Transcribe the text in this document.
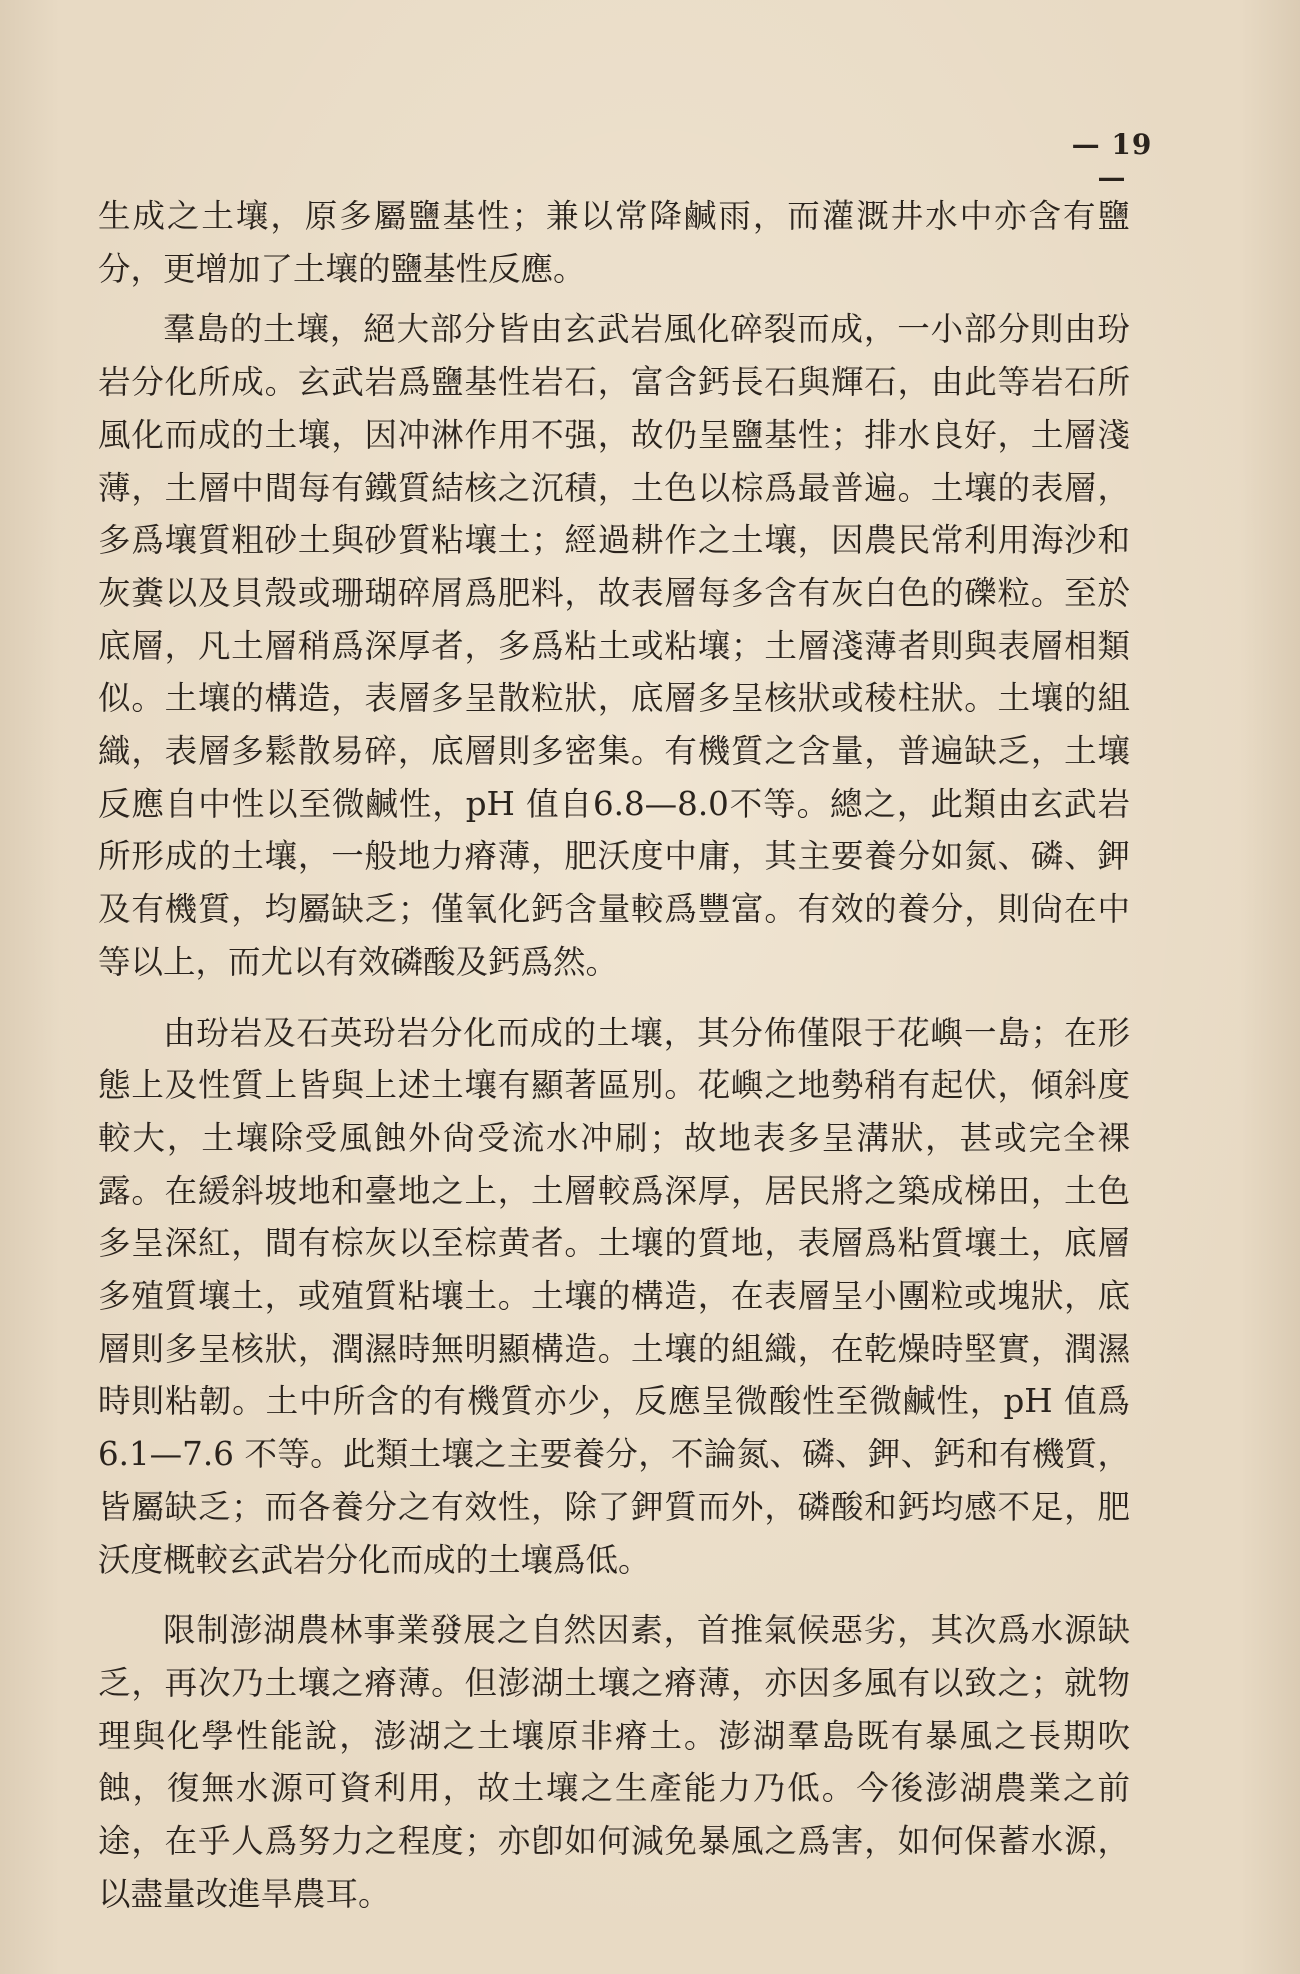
— 19 —

生成之土壤，原多屬鹽基性；兼以常降鹹雨，而灌溉井水中亦含有鹽分，更增加了土壤的鹽基性反應。

羣島的土壤，絕大部分皆由玄武岩風化碎裂而成，一小部分則由玢岩分化所成。玄武岩爲鹽基性岩石，富含鈣長石與輝石，由此等岩石所風化而成的土壤，因冲淋作用不强，故仍呈鹽基性；排水良好，土層淺薄，土層中間每有鐵質結核之沉積，土色以棕爲最普遍。土壤的表層，多爲壤質粗砂土與砂質粘壤土；經過耕作之土壤，因農民常利用海沙和灰糞以及貝殼或珊瑚碎屑爲肥料，故表層每多含有灰白色的礫粒。至於底層，凡土層稍爲深厚者，多爲粘土或粘壤；土層淺薄者則與表層相類似。土壤的構造，表層多呈散粒狀，底層多呈核狀或稜柱狀。土壤的組織，表層多鬆散易碎，底層則多密集。有機質之含量，普遍缺乏，土壤反應自中性以至微鹹性，pH 值自6.8—8.0不等。總之，此類由玄武岩所形成的土壤，一般地力瘠薄，肥沃度中庸，其主要養分如氮、磷、鉀及有機質，均屬缺乏；僅氧化鈣含量較爲豐富。有效的養分，則尙在中等以上，而尤以有效磷酸及鈣爲然。

由玢岩及石英玢岩分化而成的土壤，其分佈僅限于花嶼一島；在形態上及性質上皆與上述土壤有顯著區別。花嶼之地勢稍有起伏，傾斜度較大，土壤除受風蝕外尙受流水冲刷；故地表多呈溝狀，甚或完全裸露。在緩斜坡地和臺地之上，土層較爲深厚，居民將之築成梯田，土色多呈深紅，間有棕灰以至棕黄者。土壤的質地，表層爲粘質壤土，底層多殖質壤土，或殖質粘壤土。土壤的構造，在表層呈小團粒或塊狀，底層則多呈核狀，潤濕時無明顯構造。土壤的組織，在乾燥時堅實，潤濕時則粘韌。土中所含的有機質亦少，反應呈微酸性至微鹹性，pH 值爲 6.1—7.6 不等。此類土壤之主要養分，不論氮、磷、鉀、鈣和有機質，皆屬缺乏；而各養分之有效性，除了鉀質而外，磷酸和鈣均感不足，肥沃度概較玄武岩分化而成的土壤爲低。

限制澎湖農林事業發展之自然因素，首推氣候惡劣，其次爲水源缺乏，再次乃土壤之瘠薄。但澎湖土壤之瘠薄，亦因多風有以致之；就物理與化學性能說，澎湖之土壤原非瘠土。澎湖羣島既有暴風之長期吹蝕，復無水源可資利用，故土壤之生產能力乃低。今後澎湖農業之前途，在乎人爲努力之程度；亦卽如何減免暴風之爲害，如何保蓄水源，以盡量改進旱農耳。
